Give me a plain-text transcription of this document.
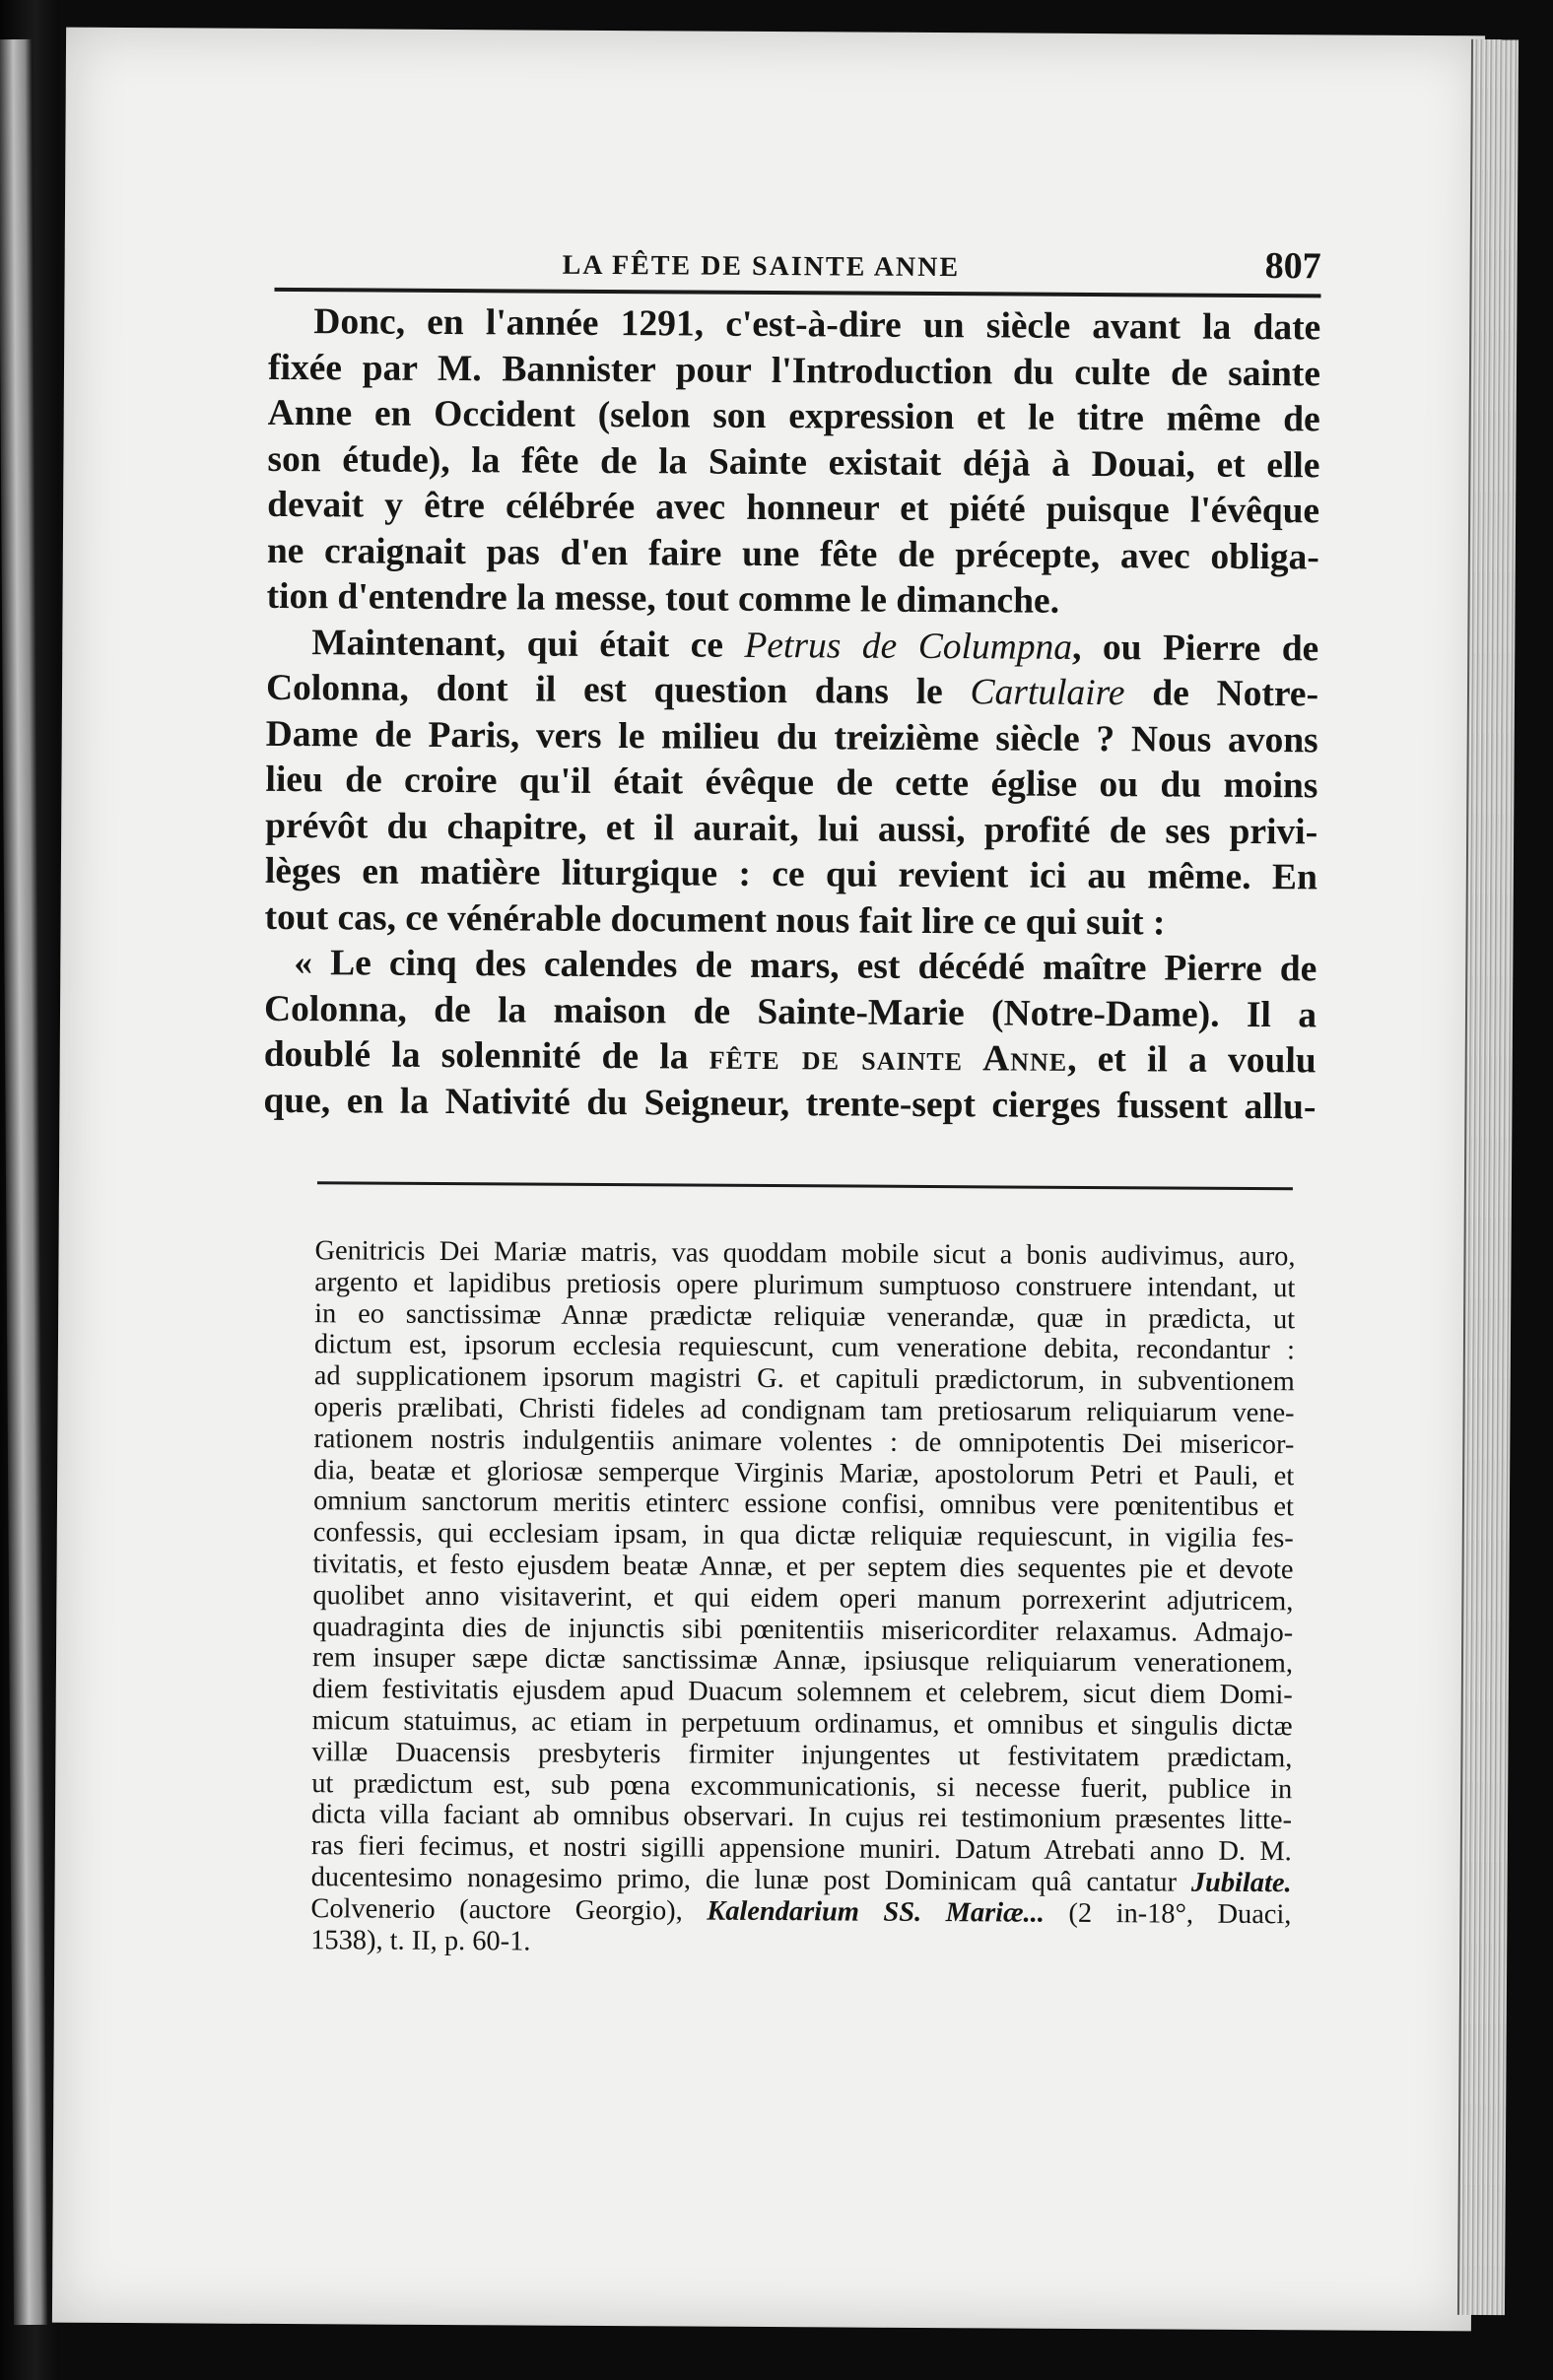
LA FÊTE DE SAINTE ANNE	807
Donc, en l'année 1291, c'est-à-dire un siècle avant la date
fixée par M. Bannister pour l'Introduction du culte de sainte
Anne en Occident (selon son expression et le titre même de
son étude), la fête de la Sainte existait déjà à Douai, et elle
devait y être célébrée avec honneur et piété puisque l'évêque
ne craignait pas d'en faire une fête de précepte, avec obliga-
tion d'entendre la messe, tout comme le dimanche.
Maintenant, qui était ce Petrus de Columpna, ou Pierre de
Colonna, dont il est question dans le Cartulaire de Notre-
Dame de Paris, vers le milieu du treizième siècle ? Nous avons
lieu de croire qu'il était évêque de cette église ou du moins
prévôt du chapitre, et il aurait, lui aussi, profité de ses privi-
lèges en matière liturgique : ce qui revient ici au même. En
tout cas, ce vénérable document nous fait lire ce qui suit :
« Le cinq des calendes de mars, est décédé maître Pierre de
Colonna, de la maison de Sainte-Marie (Notre-Dame). Il a
doublé la solennité de la fête de sainte Anne, et il a voulu
que, en la Nativité du Seigneur, trente-sept cierges fussent allu-
Genitricis Dei Mariæ matris, vas quoddam mobile sicut a bonis audivimus, auro,
argento et lapidibus pretiosis opere plurimum sumptuoso construere intendant, ut
in eo sanctissimæ Annæ prædictæ reliquiæ venerandæ, quæ in prædicta, ut
dictum est, ipsorum ecclesia requiescunt, cum veneratione debita, recondantur :
ad supplicationem ipsorum magistri G. et capituli prædictorum, in subventionem
operis prælibati, Christi fideles ad condignam tam pretiosarum reliquiarum vene-
rationem nostris indulgentiis animare volentes : de omnipotentis Dei misericor-
dia, beatæ et gloriosæ semperque Virginis Mariæ, apostolorum Petri et Pauli, et
omnium sanctorum meritis etinterc essione confisi, omnibus vere pœnitentibus et
confessis, qui ecclesiam ipsam, in qua dictæ reliquiæ requiescunt, in vigilia fes-
tivitatis, et festo ejusdem beatæ Annæ, et per septem dies sequentes pie et devote
quolibet anno visitaverint, et qui eidem operi manum porrexerint adjutricem,
quadraginta dies de injunctis sibi pœnitentiis misericorditer relaxamus. Admajo-
rem insuper sæpe dictæ sanctissimæ Annæ, ipsiusque reliquiarum venerationem,
diem festivitatis ejusdem apud Duacum solemnem et celebrem, sicut diem Domi-
micum statuimus, ac etiam in perpetuum ordinamus, et omnibus et singulis dictæ
villæ Duacensis presbyteris firmiter injungentes ut festivitatem prædictam,
ut prædictum est, sub pœna excommunicationis, si necesse fuerit, publice in
dicta villa faciant ab omnibus observari. In cujus rei testimonium præsentes litte-
ras fieri fecimus, et nostri sigilli appensione muniri. Datum Atrebati anno D. M.
ducentesimo nonagesimo primo, die lunæ post Dominicam quâ cantatur Jubilate.
Colvenerio (auctore Georgio), Kalendarium SS. Mariæ... (2 in-18°, Duaci,
1538), t. II, p. 60-1.
